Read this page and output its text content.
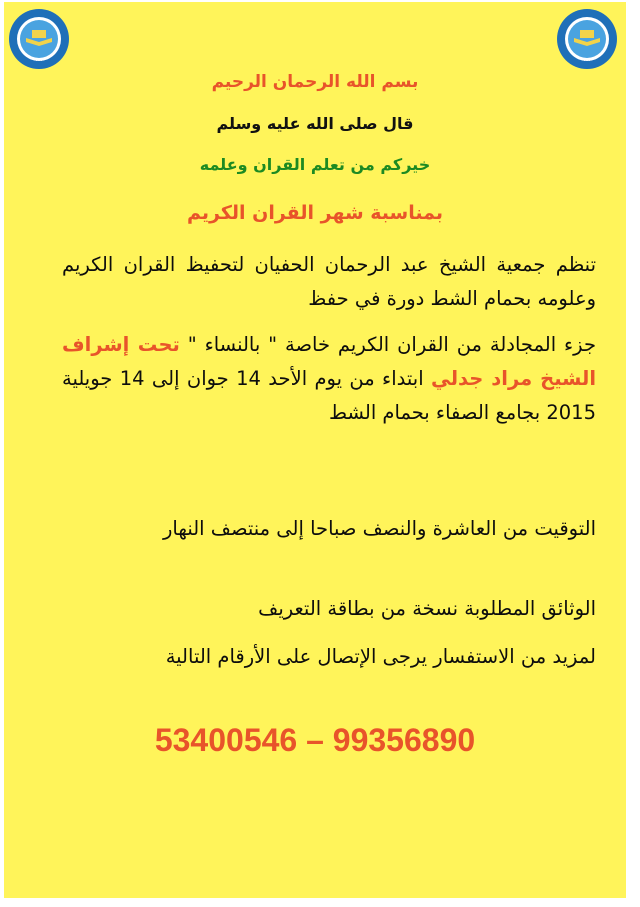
•••	•••
بسم الله الرحمان الرحيم
قال صلى الله عليه وسلم
خيركم من تعلم القران وعلمه
بمناسبة شهر القران الكريم
تنظم جمعية الشيخ عبد الرحمان الحفيان لتحفيظ القران الكريم وعلومه بحمام الشط دورة في حفظ
جزء المجادلة من القران الكريم خاصة " بالنساء " تحت إشراف الشيخ مراد جدلي ابتداء من يوم الأحد 14 جوان إلى 14 جويلية 2015 بجامع الصفاء بحمام الشط
التوقيت من العاشرة والنصف صباحا إلى منتصف النهار
الوثائق المطلوبة نسخة من بطاقة التعريف
لمزيد من الاستفسار يرجى الإتصال على الأرقام التالية
53400546 – 99356890
